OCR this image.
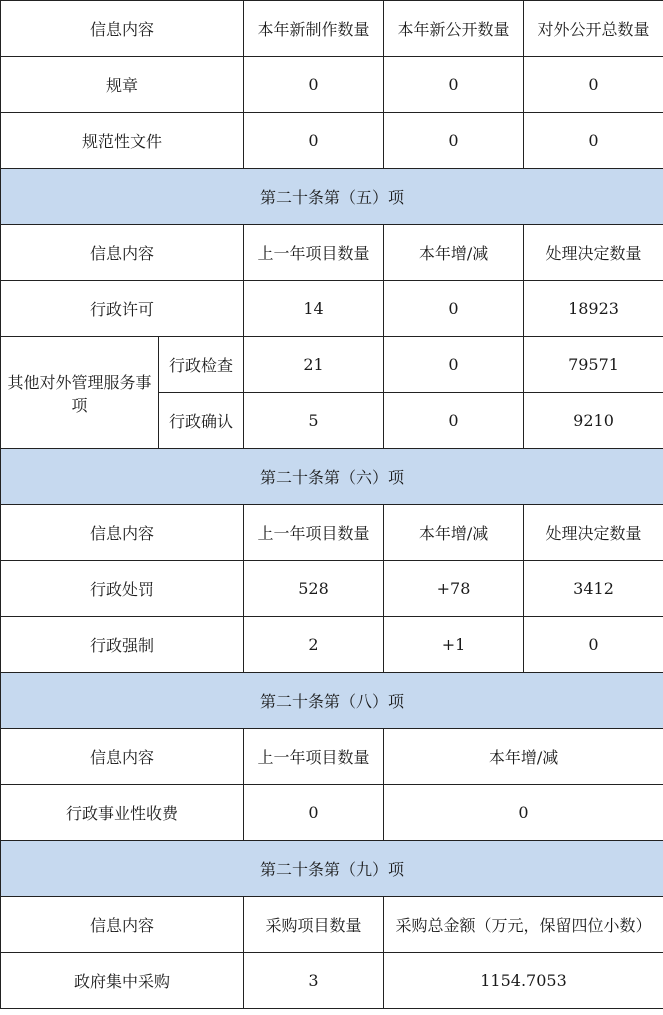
信息内容		本年新制作数量	本年新公开数量	对外公开总数量
规章		0	0	0
规范性文件		0	0	0
第二十条第（五）项				
信息内容		上一年项目数量	本年增/减	处理决定数量
行政许可		14	0	18923
其他对外管理服务事项	行政检查	21	0	79571
	行政确认	5	0	9210
第二十条第（六）项				
信息内容		上一年项目数量	本年增/减	处理决定数量
行政处罚		528	+78	3412
行政强制		2	+1	0
第二十条第（八）项				
信息内容		上一年项目数量	本年增/减	
行政事业性收费		0	0	
第二十条第（九）项				
信息内容		采购项目数量	采购总金额（万元，保留四位小数）	
政府集中采购		3	1154.7053	
